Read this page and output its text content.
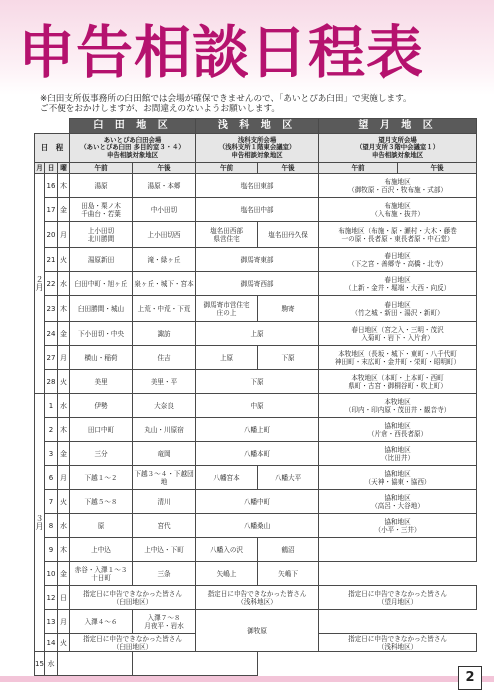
申告相談日程表
※臼田支所仮事務所の臼田館では会場が確保できませんので、「あいとぴあ臼田」で実施します。
ご不便をおかけしますが、お間違えのないようお願いします。
			臼 田 地 区		浅 科 地 区		望 月 地 区	
日　程			あいとぴあ臼田会場
（あいとぴあ臼田 多目的室３・４）
申告相談対象地区		浅科支所会場
（浅科支所１階東会議室）
申告相談対象地区		望月支所会場
（望月支所３階中会議室１）
申告相談対象地区	
月	日	曜	午前	午後	午前	午後	午前	午後
２月	16	木	湯原	湯原・本郷	塩名田東部		布施地区
（御牧原・百沢・牧布施・式部）	
	17	金	田島・栗ノ木
千曲台・若葉	中小田切	塩名田中部		布施地区
（入布施・抜井）	
	20	月	上小田切
北川勝間	上小田切西	塩名田西部
県営住宅	塩名田丹久保	布施地区（布施・原・瀬村・大木・藤巻
一の原・長者原・東長者原・中石堂）	
	21	火	湯原新田	滝・緑ヶ丘	御馬寄東部		春日地区
（下之宮・善郷寺・高橋・北寺）	
	22	水	臼田中町・旭ヶ丘	泉ヶ丘・城下・宮本	御馬寄西部		春日地区
（上新・金井・堀端・大西・向反）	
	23	木	臼田勝間・城山	上荒・中荒・下荒	御馬寄市営住宅
庄の上	駒寄	春日地区
（竹之城・新田・湯沢・新町）	
	24	金	下小田切・中央	諏訪	上原		春日地区（宮之入・三明・茂沢
入菊町・岩下・入片倉）	
	27	月	横山・稲荷	住吉	上原	下原	本牧地区（長坂・城下・東町・八千代町
神田町・末広町・金井町・栄町・昭明町）	
	28	火	美里	美里・平	下原		本牧地区（本町・上本町・西町
県町・古宮・御桐谷町・吹上町）	
３月	1	水	伊勢	大奈良	中原		本牧地区
（印内・印内原・茂田井・観音寺）	
	2	木	田口中町	丸山・川原宿	八幡上町		協和地区
（片倉・西長者原）	
	3	金	三分	竜岡	八幡本町		協和地区
（比田井）	
	6	月	下越１～２	下越３～４・下越団地	八幡宮本	八幡大平	協和地区
（天神・協東・協西）	
	7	火	下越５～８	清川	八幡中町		協和地区
（高呂・大谷地）	
	8	水	原	宮代	八幡桑山		協和地区
（小平・三井）	
	9	木	上中込	上中込・下町	八幡入の沢	鶴沼		
	10	金	赤谷・入澤１～３
十日町	三条	矢嶋上	矢嶋下		
	12	日	指定日に申告できなかった皆さん
（臼田地区）		指定日に申告できなかった皆さん
（浅科地区）		指定日に申告できなかった皆さん
（望月地区）	
	13	月	入澤４～６	入澤７～８
月夜平・岩水	御牧原			
	14	火	指定日に申告できなかった皆さん
（臼田地区）				指定日に申告できなかった皆さん
（浅科地区）	
15	水							
2
